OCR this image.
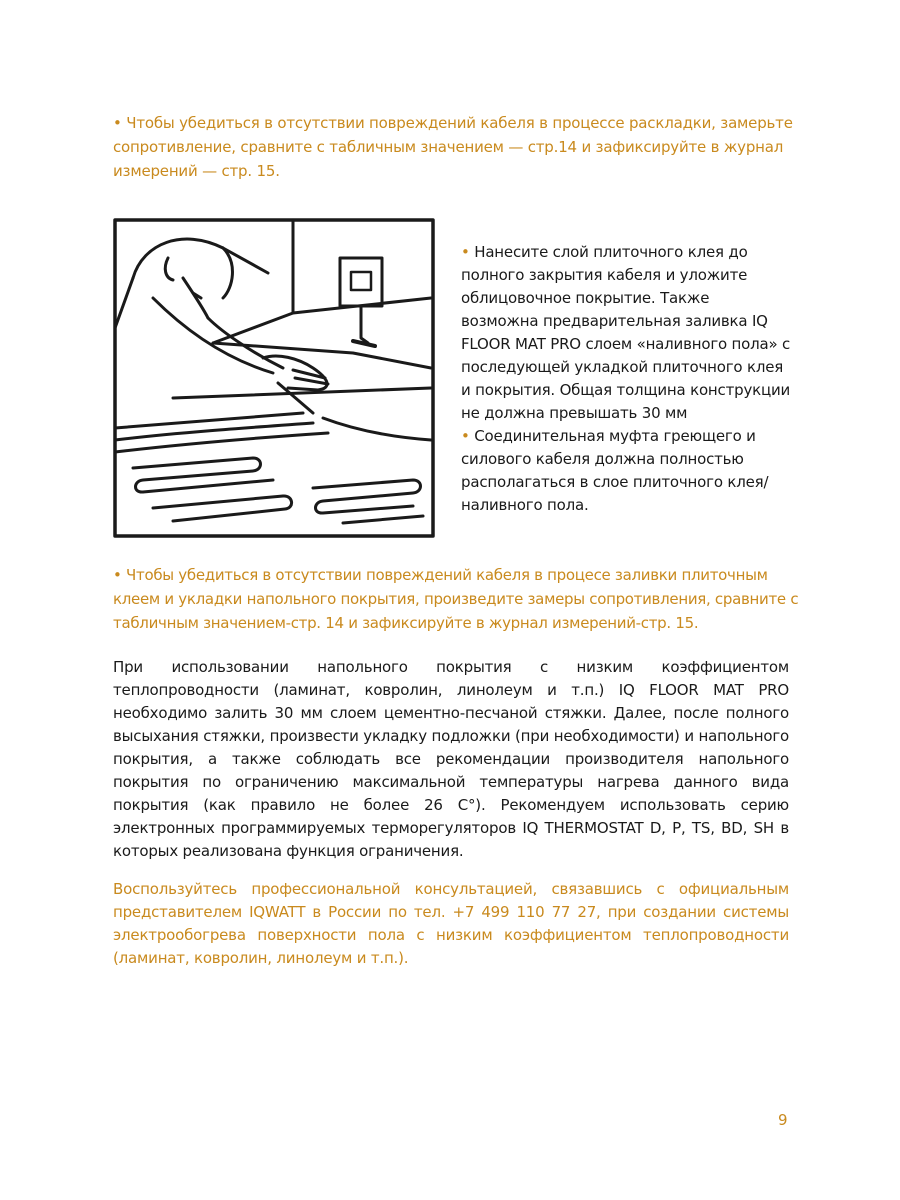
• Чтобы убедиться в отсутствии повреждений кабеля в процессе раскладки, замерьте сопротивление, сравните с табличным значением — стр.14 и зафиксируйте в журнал измерений — стр. 15.
• Нанесите слой плиточного клея до полного закрытия кабеля и уложите облицовочное покрытие. Также возможна предварительная заливка IQ FLOOR MAT PRO слоем «наливного пола» с последующей укладкой плиточного клея и покрытия. Общая толщина конструкции не должна превышать 30 мм
• Соединительная муфта греющего и силового кабеля должна полностью располагаться в слое плиточного клея/ наливного пола.
• Чтобы убедиться в отсутствии повреждений кабеля в процесе заливки плиточным клеем и укладки напольного покрытия, произведите замеры сопротивления, сравните с табличным значением-стр. 14 и зафиксируйте в журнал измерений-стр. 15.
При использовании напольного покрытия с низким коэффициентом теплопроводности (ламинат, ковролин, линолеум и т.п.) IQ FLOOR MAT PRO необходимо залить 30 мм слоем цементно-песчаной стяжки. Далее, после полного высыхания стяжки, произвести укладку подложки (при необходимости) и напольного покрытия, а также соблюдать все рекомендации производителя напольного покрытия по ограничению максимальной температуры нагрева данного вида покрытия (как правило не более 26 С°). Рекомендуем использовать серию электронных программируемых терморегуляторов IQ THERMOSTAT D, P, TS, BD, SH в которых реализована функция ограничения.
Воспользуйтесь профессиональной консультацией, связавшись с официальным представителем IQWATT в России по тел. +7 499 110 77 27, при создании системы электрообогрева поверхности пола с низким коэффициентом теплопроводности (ламинат, ковролин, линолеум и т.п.).
9
